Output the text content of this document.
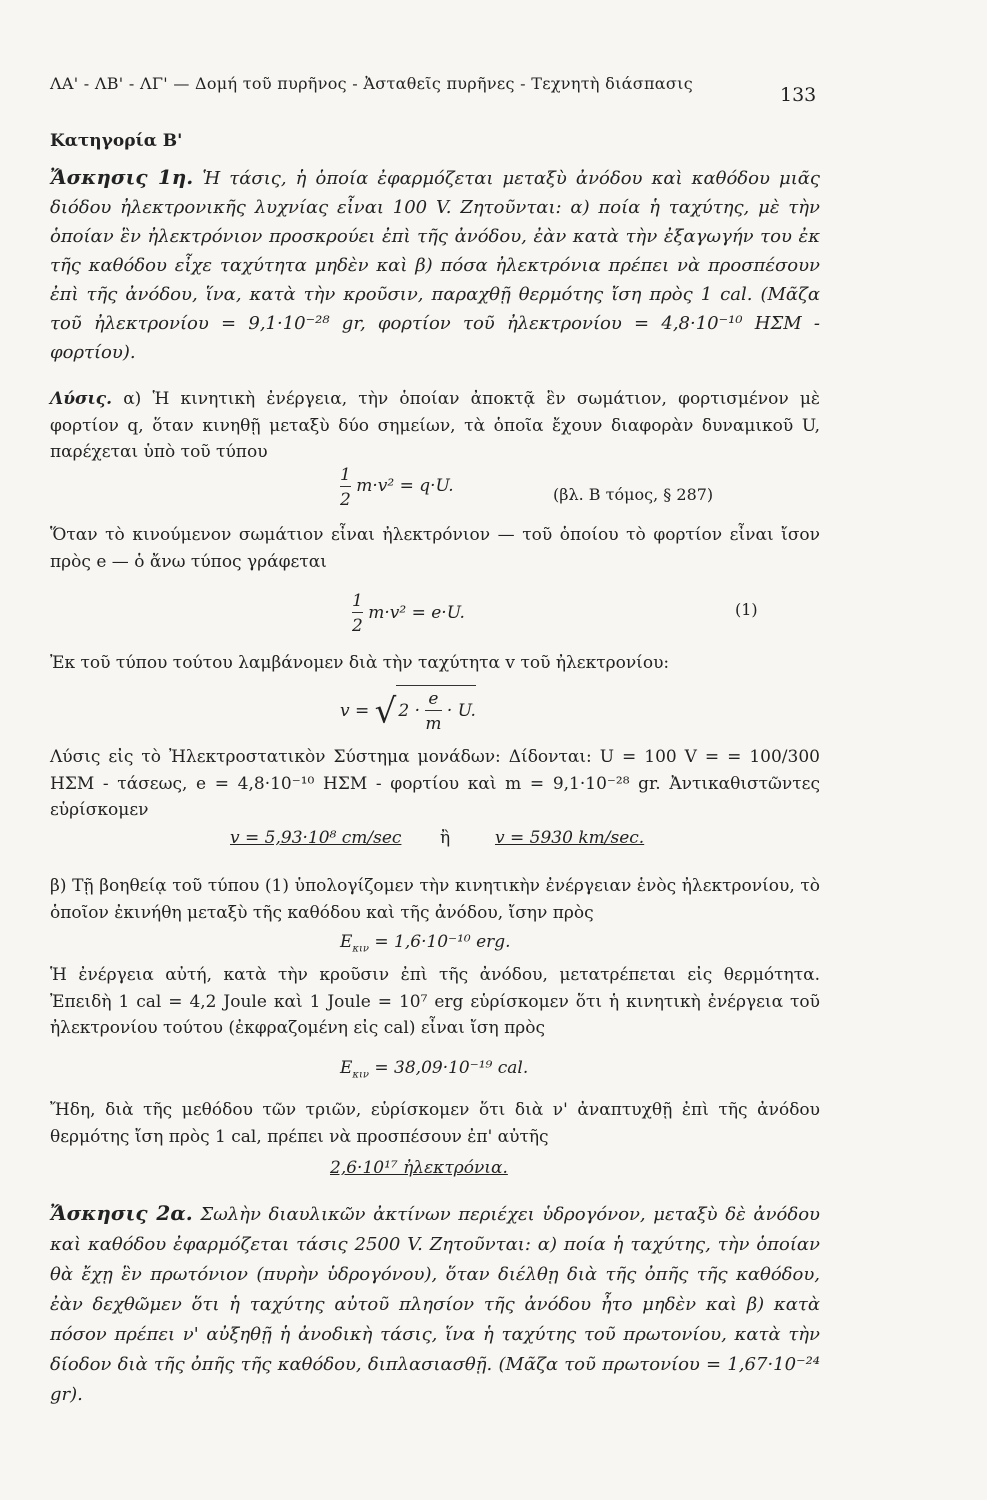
ΛΑ' - ΛΒ' - ΛΓ' — Δομή τοῦ πυρῆνος - Ἀσταθεῖς πυρῆνες - Τεχνητὴ διάσπασις
133
Κατηγορία Β'
Ἄσκησις 1η. Ἡ τάσις, ἡ ὁποία ἐφαρμόζεται μεταξὺ ἀνόδου καὶ καθόδου μιᾶς διόδου ἠλεκτρονικῆς λυχνίας εἶναι 100 V. Ζητοῦνται: α) ποία ἡ ταχύτης, μὲ τὴν ὁποίαν ἓν ἠλεκτρόνιον προσκρούει ἐπὶ τῆς ἀνόδου, ἐὰν κατὰ τὴν ἐξαγωγήν του ἐκ τῆς καθόδου εἶχε ταχύτητα μηδὲν καὶ β) πόσα ἠλεκτρόνια πρέπει νὰ προσπέσουν ἐπὶ τῆς ἀνόδου, ἵνα, κατὰ τὴν κροῦσιν, παραχθῇ θερμότης ἴση πρὸς 1 cal. (Μᾶζα τοῦ ἠλεκτρονίου = 9,1·10⁻²⁸ gr, φορτίον τοῦ ἠλεκτρονίου = 4,8·10⁻¹⁰ ΗΣΜ - φορτίου).
Λύσις. α) Ἡ κινητικὴ ἐνέργεια, τὴν ὁποίαν ἀποκτᾷ ἓν σωμάτιον, φορτισμένον μὲ φορτίον q, ὅταν κινηθῇ μεταξὺ δύο σημείων, τὰ ὁποῖα ἔχουν διαφορὰν δυναμικοῦ U, παρέχεται ὑπὸ τοῦ τύπου
$\frac{1}{2} m\cdot v^2 = q\cdot U$.	(βλ. Β τόμος, § 287)
Ὅταν τὸ κινούμενον σωμάτιον εἶναι ἠλεκτρόνιον — τοῦ ὁποίου τὸ φορτίον εἶναι ἴσον πρὸς e — ὁ ἄνω τύπος γράφεται
$\frac{1}{2} m\cdot v^2 = e\cdot U$.	(1)
Ἐκ τοῦ τύπου τούτου λαμβάνομεν διὰ τὴν ταχύτητα v τοῦ ἠλεκτρονίου:
v = √ $2 \cdot \frac{e}{m} \cdot U$.
Λύσις εἰς τὸ Ἠλεκτροστατικὸν Σύστημα μονάδων: Δίδονται: U = 100 V = = 100/300 ΗΣΜ - τάσεως, e = 4,8·10⁻¹⁰ ΗΣΜ - φορτίου καὶ m = 9,1·10⁻²⁸ gr. Ἀντικαθιστῶντες εὑρίσκομεν
v = 5,93·10⁸ cm/sec ἢ	v = 5930 km/sec.
β) Τῇ βοηθείᾳ τοῦ τύπου (1) ὑπολογίζομεν τὴν κινητικὴν ἐνέργειαν ἑνὸς ἠλεκτρονίου, τὸ ὁποῖον ἐκινήθη μεταξὺ τῆς καθόδου καὶ τῆς ἀνόδου, ἴσην πρὸς
$E_{\kappa\iota\nu} = 1,6\cdot 10^{-10}$ erg.
Ἡ ἐνέργεια αὐτή, κατὰ τὴν κροῦσιν ἐπὶ τῆς ἀνόδου, μετατρέπεται εἰς θερμότητα. Ἐπειδὴ 1 cal = 4,2 Joule καὶ 1 Joule = 10⁷ erg εὑρίσκομεν ὅτι ἡ κινητικὴ ἐνέργεια τοῦ ἠλεκτρονίου τούτου (ἐκφραζομένη εἰς cal) εἶναι ἴση πρὸς
$E_{\kappa\iota\nu} = 38,09\cdot 10^{-19}$ cal.
Ἤδη, διὰ τῆς μεθόδου τῶν τριῶν, εὑρίσκομεν ὅτι διὰ ν' ἀναπτυχθῇ ἐπὶ τῆς ἀνόδου θερμότης ἴση πρὸς 1 cal, πρέπει νὰ προσπέσουν ἐπ' αὐτῆς
2,6·10¹⁷ ἠλεκτρόνια.
Ἄσκησις 2α. Σωλὴν διαυλικῶν ἀκτίνων περιέχει ὑδρογόνον, μεταξὺ δὲ ἀνόδου καὶ καθόδου ἐφαρμόζεται τάσις 2500 V. Ζητοῦνται: α) ποία ἡ ταχύτης, τὴν ὁποίαν θὰ ἔχῃ ἓν πρωτόνιον (πυρὴν ὑδρογόνου), ὅταν διέλθῃ διὰ τῆς ὀπῆς τῆς καθόδου, ἐὰν δεχθῶμεν ὅτι ἡ ταχύτης αὐτοῦ πλησίον τῆς ἀνόδου ἦτο μηδὲν καὶ β) κατὰ πόσον πρέπει ν' αὐξηθῇ ἡ ἀνοδικὴ τάσις, ἵνα ἡ ταχύτης τοῦ πρωτονίου, κατὰ τὴν δίοδον διὰ τῆς ὀπῆς τῆς καθόδου, διπλασιασθῇ. (Μᾶζα τοῦ πρωτονίου = 1,67·10⁻²⁴ gr).
